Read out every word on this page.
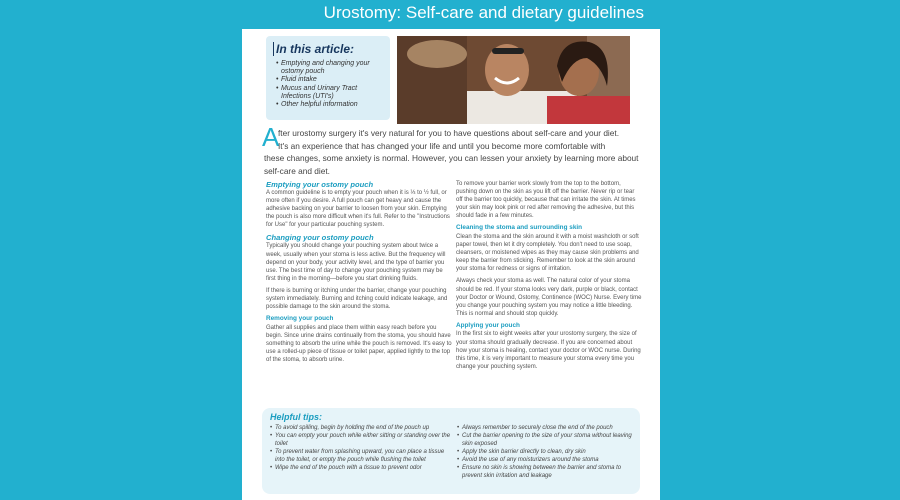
Urostomy: Self-care and dietary guidelines
In this article:
• Emptying and changing your ostomy pouch
• Fluid intake
• Mucus and Urinary Tract Infections (UTI's)
• Other helpful information
A

fter urostomy surgery it's very natural for you to have questions about self-care and your diet.
It's an experience that has changed your life and until you become more comfortable with
these changes, some anxiety is normal. However, you can lessen your anxiety by learning more about self-care and diet.

Emptying your ostomy pouch

A common guideline is to empty your pouch when it is ⅓ to ½ full, or more often if you desire. A full pouch can get heavy and cause the adhesive backing on your barrier to loosen from your skin. Emptying the pouch is also more difficult when it's full. Refer to the "Instructions for Use" for your particular pouching system.

Changing your ostomy pouch

Typically you should change your pouching system about twice a week, usually when your stoma is less active. But the frequency will depend on your body, your activity level, and the type of barrier you use. The best time of day to change your pouching system may be first thing in the morning—before you start drinking fluids.

If there is burning or itching under the barrier, change your pouching system immediately. Burning and itching could indicate leakage, and possible damage to the skin around the stoma.

Removing your pouch

Gather all supplies and place them within easy reach before you begin. Since urine drains continually from the stoma, you should have something to absorb the urine while the pouch is removed. It's easy to use a rolled-up piece of tissue or toilet paper, applied lightly to the top of the stoma, to absorb urine.

To remove your barrier work slowly from the top to the bottom, pushing down on the skin as you lift off the barrier. Never rip or tear off the barrier too quickly, because that can irritate the skin. At times your skin may look pink or red after removing the adhesive, but this should fade in a few minutes.

Cleaning the stoma and surrounding skin

Clean the stoma and the skin around it with a moist washcloth or soft paper towel, then let it dry completely. You don't need to use soap, cleansers, or moistened wipes as they may cause skin problems and keep the barrier from sticking. Remember to look at the skin around your stoma for redness or signs of irritation.

Always check your stoma as well. The natural color of your stoma should be red. If your stoma looks very dark, purple or black, contact your Doctor or Wound, Ostomy, Continence (WOC) Nurse. Every time you change your pouching system you may notice a little bleeding. This is normal and should stop quickly.

Applying your pouch

In the first six to eight weeks after your urostomy surgery, the size of your stoma should gradually decrease. If you are concerned about how your stoma is healing, contact your doctor or WOC nurse. During this time, it is very important to measure your stoma every time you change your pouching system.

Helpful tips:
• To avoid spilling, begin by holding the end of the pouch up
• You can empty your pouch while either sitting or standing over the toilet
• To prevent water from splashing upward, you can place a tissue into the toilet, or empty the pouch while flushing the toilet
• Wipe the end of the pouch with a tissue to prevent odor
• Always remember to securely close the end of the pouch
• Cut the barrier opening to the size of your stoma without leaving skin exposed
• Apply the skin barrier directly to clean, dry skin
• Avoid the use of any moisturizers around the stoma
• Ensure no skin is showing between the barrier and stoma to prevent skin irritation and leakage
